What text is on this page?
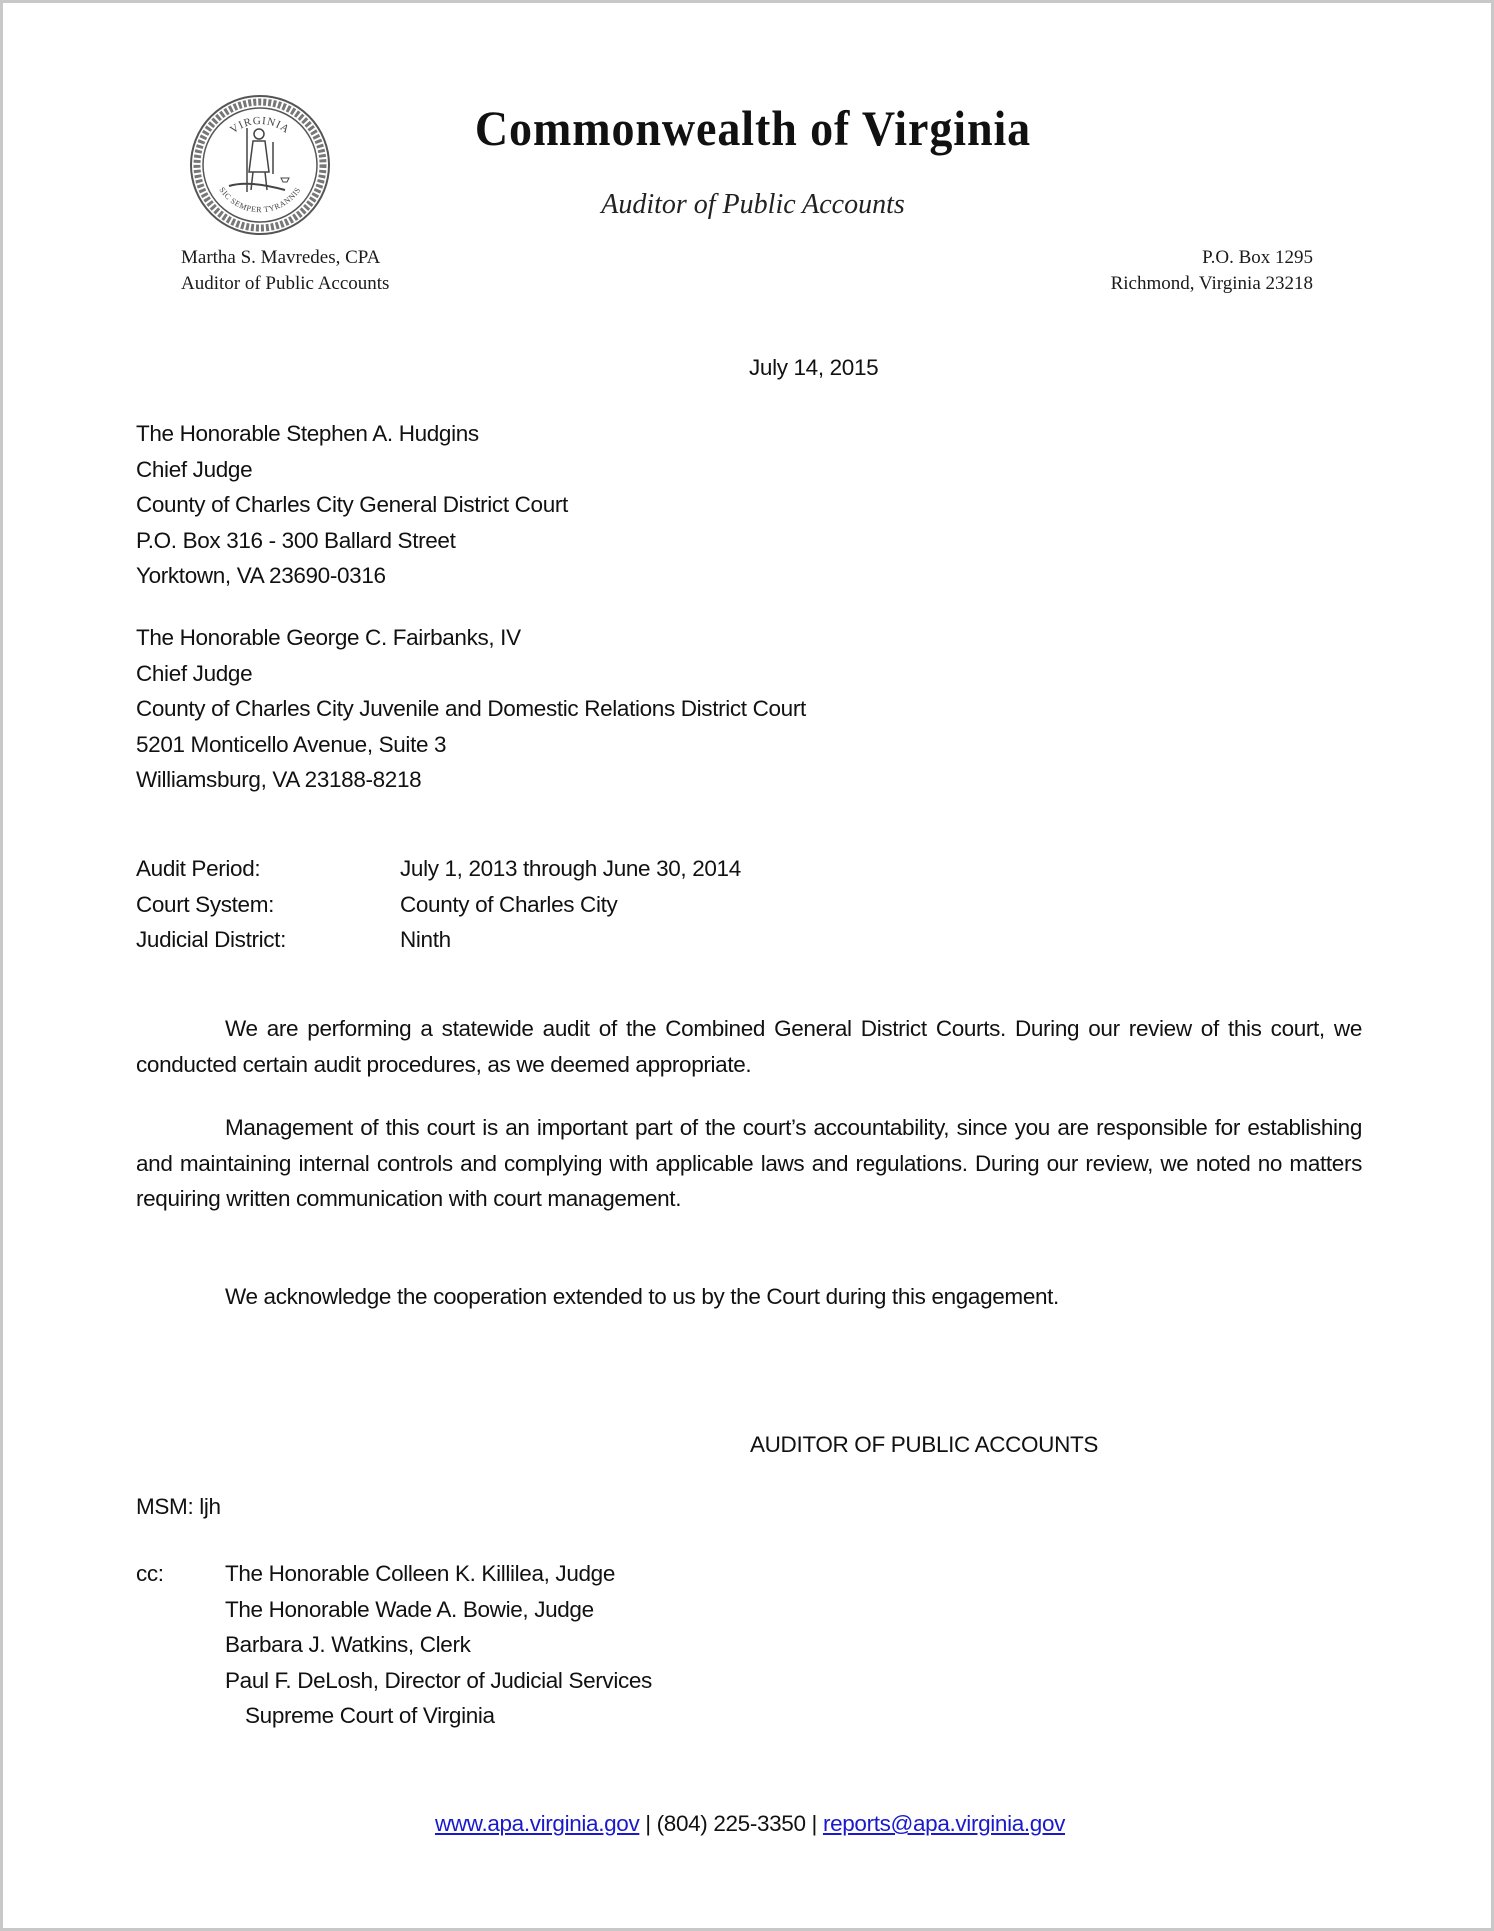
VIRGINIA
SIC SEMPER TYRANNIS
Commonwealth of Virginia
Auditor of Public Accounts
Martha S. Mavredes, CPA
Auditor of Public Accounts
P.O. Box 1295
Richmond, Virginia 23218
July 14, 2015
The Honorable Stephen A. Hudgins
Chief Judge
County of Charles City General District Court
P.O. Box 316 - 300 Ballard Street
Yorktown, VA 23690-0316
The Honorable George C. Fairbanks, IV
Chief Judge
County of Charles City Juvenile and Domestic Relations District Court
5201 Monticello Avenue, Suite 3
Williamsburg, VA 23188-8218
Audit Period:	July 1, 2013 through June 30, 2014
Court System:	County of Charles City
Judicial District:	Ninth
We are performing a statewide audit of the Combined General District Courts. During our review of this court, we conducted certain audit procedures, as we deemed appropriate.
Management of this court is an important part of the court’s accountability, since you are responsible for establishing and maintaining internal controls and complying with applicable laws and regulations. During our review, we noted no matters requiring written communication with court management.
We acknowledge the cooperation extended to us by the Court during this engagement.
AUDITOR OF PUBLIC ACCOUNTS
MSM: ljh
cc:	The Honorable Colleen K. Killilea, Judge
The Honorable Wade A. Bowie, Judge
Barbara J. Watkins, Clerk
Paul F. DeLosh, Director of Judicial Services
Supreme Court of Virginia
www.apa.virginia.gov | (804) 225-3350 | reports@apa.virginia.gov
